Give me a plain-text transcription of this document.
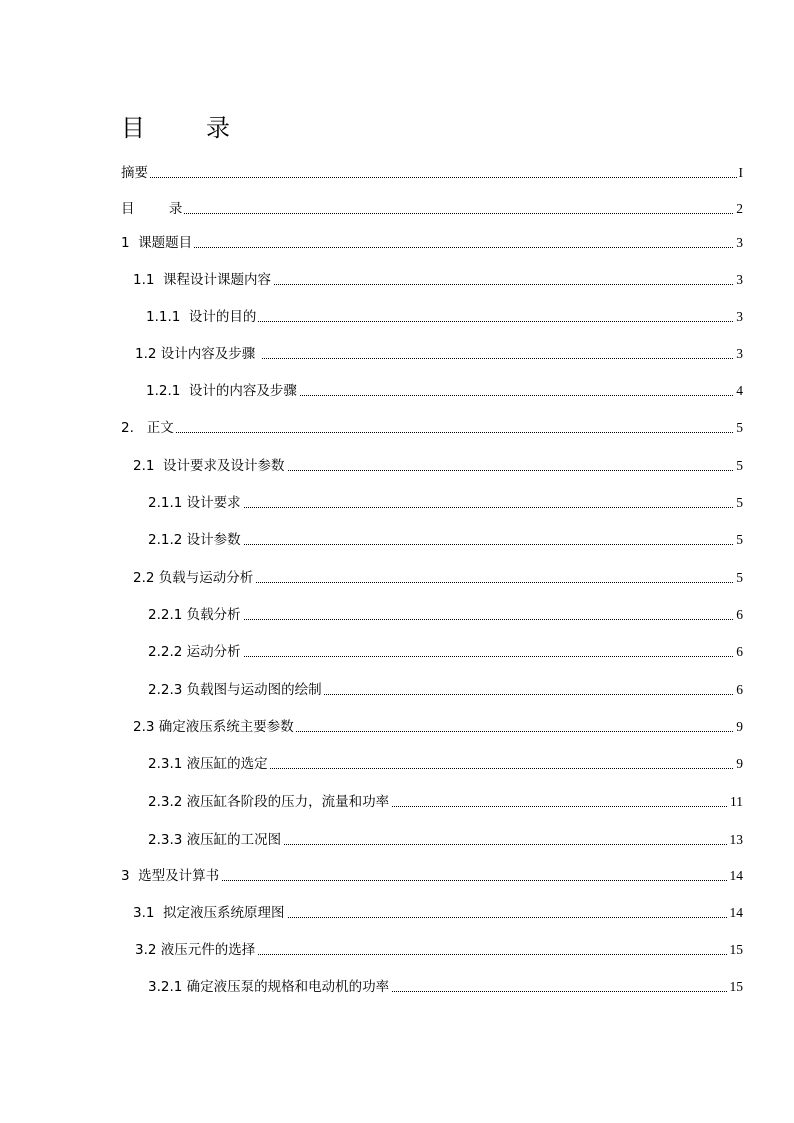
目        录
摘要	I
目        录	2
1  课题题目	3
1.1  课程设计课题内容	3
1.1.1  设计的目的	3
1.2 设计内容及步骤	3
1.2.1  设计的内容及步骤	4
2.   正文	5
2.1  设计要求及设计参数	5
2.1.1 设计要求	5
2.1.2 设计参数	5
2.2 负载与运动分析	5
2.2.1 负载分析	6
2.2.2 运动分析	6
2.2.3 负载图与运动图的绘制	6
2.3 确定液压系统主要参数	9
2.3.1 液压缸的选定	9
2.3.2 液压缸各阶段的压力，流量和功率	11
2.3.3 液压缸的工况图	13
3  选型及计算书	14
3.1  拟定液压系统原理图	14
3.2 液压元件的选择	15
3.2.1 确定液压泵的规格和电动机的功率	15
